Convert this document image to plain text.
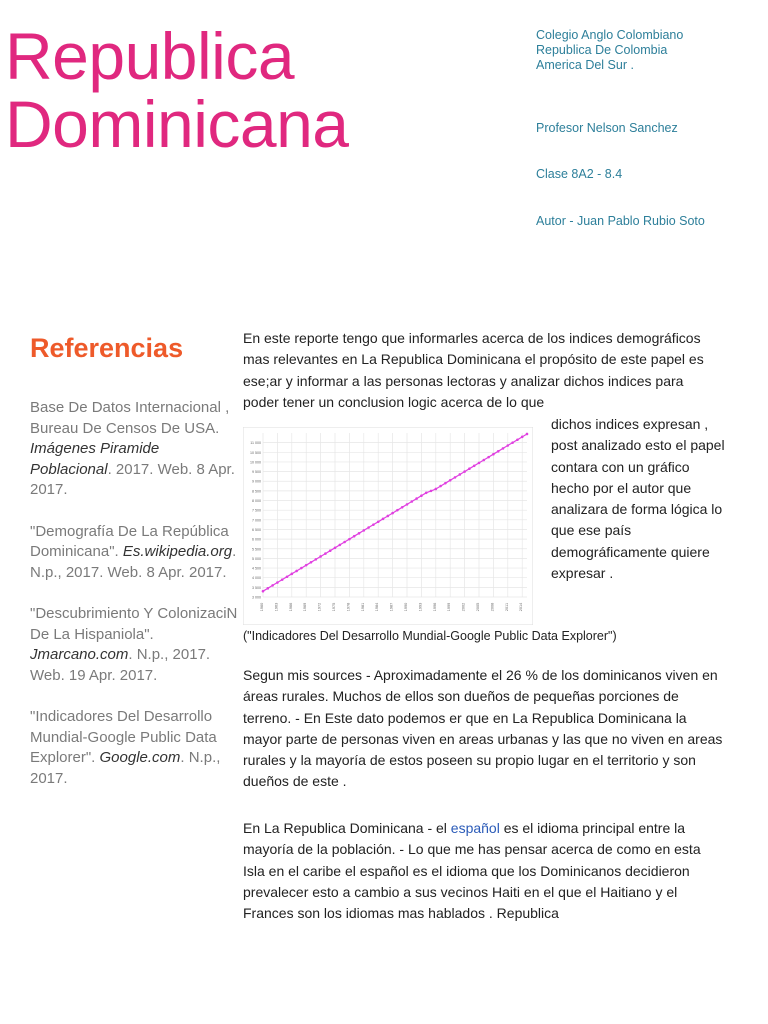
Republica
Dominicana
Colegio Anglo Colombiano
Republica De Colombia
America Del Sur .
Profesor Nelson Sanchez
Clase 8A2 - 8.4
Autor - Juan Pablo Rubio Soto
Referencias

Base De Datos Internacional , Bureau De Censos De USA. Imágenes Piramide Poblacional. 2017. Web. 8 Apr. 2017.

"Demografía De La República Dominicana". Es.wikipedia.org. N.p., 2017. Web. 8 Apr. 2017.

"Descubrimiento Y ColonizaciN De La Hispaniola". Jmarcano.com. N.p., 2017. Web. 19 Apr. 2017.

"Indicadores Del Desarrollo Mundial-Google Public Data Explorer". Google.com. N.p., 2017.

En este reporte tengo que informarles acerca de los indices demográficos mas relevantes en La Republica Dominicana el propósito de este papel es ese;ar y informar a las personas lectoras y analizar dichos indices para poder tener un conclusion logic acerca de lo que

dichos indices expresan , post analizado esto el papel contara con un gráfico hecho por el autor que analizara de forma lógica lo que ese país demográficamente quiere expresar .
3 000
3 500
4 000
4 500
5 000
5 500
6 000
6 500
7 000
7 500
8 000
8 500
9 000
9 500
10 000
10 500
11 000
1960	1963	1966	1969	1972	1975	1978	1981	1984	1987	1990	1993	1996	1999	2002	2005	2008	2011	2014
("Indicadores Del Desarrollo Mundial-Google Public Data Explorer")

Segun mis sources - Aproximadamente el 26 % de los dominicanos viven en áreas rurales. Muchos de ellos son dueños de pequeñas porciones de terreno. - En Este dato podemos er que en La Republica Dominicana la mayor parte de personas viven en areas urbanas y las que no viven en areas rurales y la mayoría de estos poseen su propio lugar en el territorio y son dueños de este .

En La Republica Dominicana - el español es el idioma principal entre la mayoría de la población. - Lo que me has pensar acerca de como en esta Isla en el caribe el español es el idioma que los Dominicanos decidieron prevalecer esto a cambio a sus vecinos Haiti en el que el Haitiano y el Frances son los idiomas mas hablados . Republica
